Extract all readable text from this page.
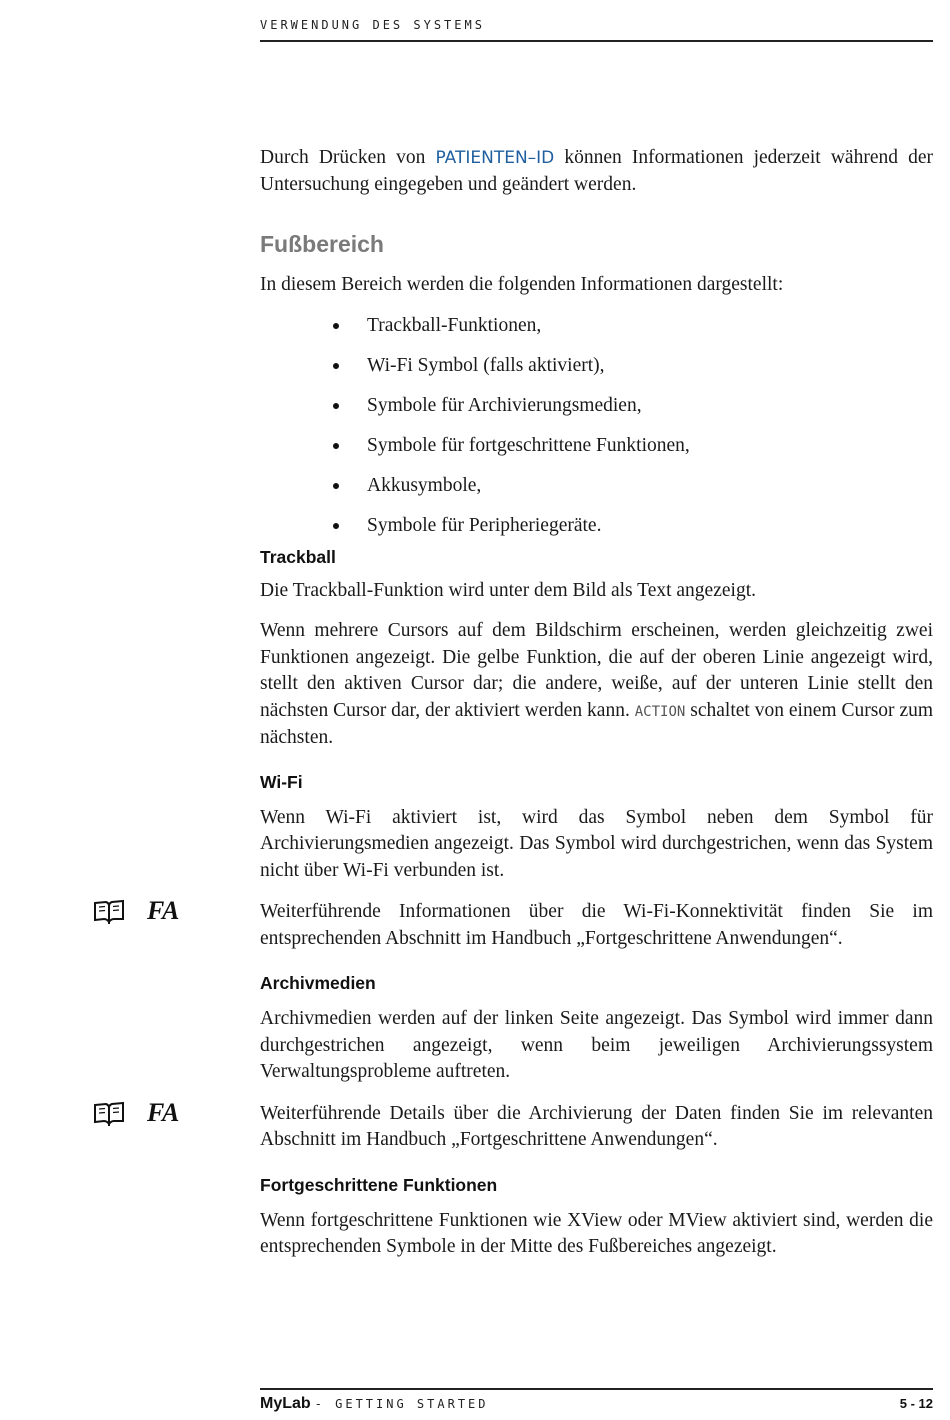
VERWENDUNG DES SYSTEMS

Durch Drücken von PATIENTEN–ID können Informationen jederzeit während der Untersuchung eingegeben und geändert werden.

Fußbereich

In diesem Bereich werden die folgenden Informationen dargestellt:

Trackball-Funktionen,
Wi-Fi Symbol (falls aktiviert),
Symbole für Archivierungsmedien,
Symbole für fortgeschrittene Funktionen,
Akkusymbole,
Symbole für Peripheriegeräte.
Trackball

Die Trackball-Funktion wird unter dem Bild als Text angezeigt.

Wenn mehrere Cursors auf dem Bildschirm erscheinen, werden gleichzeitig zwei Funktionen angezeigt. Die gelbe Funktion, die auf der oberen Linie angezeigt wird, stellt den aktiven Cursor dar; die andere, weiße, auf der unteren Linie stellt den nächsten Cursor dar, der aktiviert werden kann. ACTION schaltet von einem Cursor zum nächsten.

Wi-Fi

Wenn Wi-Fi aktiviert ist, wird das Symbol neben dem Symbol für Archivierungsmedien angezeigt. Das Symbol wird durchgestrichen, wenn das System nicht über Wi-Fi verbunden ist.

FA	Weiterführende Informationen über die Wi-Fi-Konnektivität finden Sie im entsprechenden Abschnitt im Handbuch „Fortgeschrittene Anwendungen“.

Archivmedien

Archivmedien werden auf der linken Seite angezeigt. Das Symbol wird immer dann durchgestrichen angezeigt, wenn beim jeweiligen Archivierungssystem Verwaltungsprobleme auftreten.

FA	Weiterführende Details über die Archivierung der Daten finden Sie im relevanten Abschnitt im Handbuch „Fortgeschrittene Anwendungen“.

Fortgeschrittene Funktionen

Wenn fortgeschrittene Funktionen wie XView oder MView aktiviert sind, werden die entsprechenden Symbole in der Mitte des Fußbereiches angezeigt.

MyLab - GETTING STARTED	5 - 12
